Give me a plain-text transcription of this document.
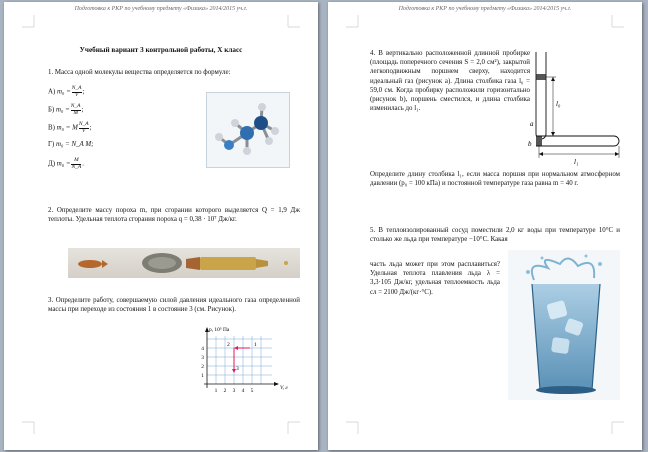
Подготовка к РКР по учебному предмету «Физика» 2014/2015 уч.г.
Учебный вариант 3 контрольной работы, X класс
1. Масса одной молекулы вещества определяется по формуле:
2. Определите массу пороха m, при сгорании которого выделяется Q = 1,9 Дж теплоты. Удельная теплота сгорания пороха q = 0,38 · 10⁷ Дж/кг.
3. Определите работу, совершаемую силой давления идеального газа определенной массы при переходе из состояния 1 в состояние 3 (см. Рисунок).
p, 10⁵ Па
V, л
1 2 3 4 5
1
2
3
4
1
2
3
А) $m_0 = \frac{N\_A}{V}$ ;
Б) $m_0 = \frac{N\_A}{M}$ ;
В) m₀ = M $\frac{N\_A}{V}$ ;
Г) m₀ = N_A M;
Д) $m_0 = \frac{M}{N\_A}$ .
Подготовка к РКР по учебному предмету «Физика» 2014/2015 уч.г.
4. В вертикально расположенной длинной пробирке (площадь поперечного сечения S = 2,0 см²), закрытой легкоподвижным поршнем сверху, находится идеальный газ (рисунок а). Длина столбика газа l₀ = 59,0 см. Когда пробирку расположили горизонтально (рисунок b), поршень сместился, и длина столбика изменилась до l₁.
l₀
a
l₁
b
Определите длину столбика l₁, если масса поршня при нормальном атмосферном давлении (p₀ = 100 кПа) и постоянной температуре газа равна m = 40 г.
5. В теплоизолированный сосуд поместили 2,0 кг воды при температуре 10°С и столько же льда при температуре −10°С. Какая
часть льда может при этом расплавиться? Удельная теплота плавления льда λ = 3,3·105 Дж/кг, удельная теплоемкость льда cл = 2100 Дж/(кг·°С).
